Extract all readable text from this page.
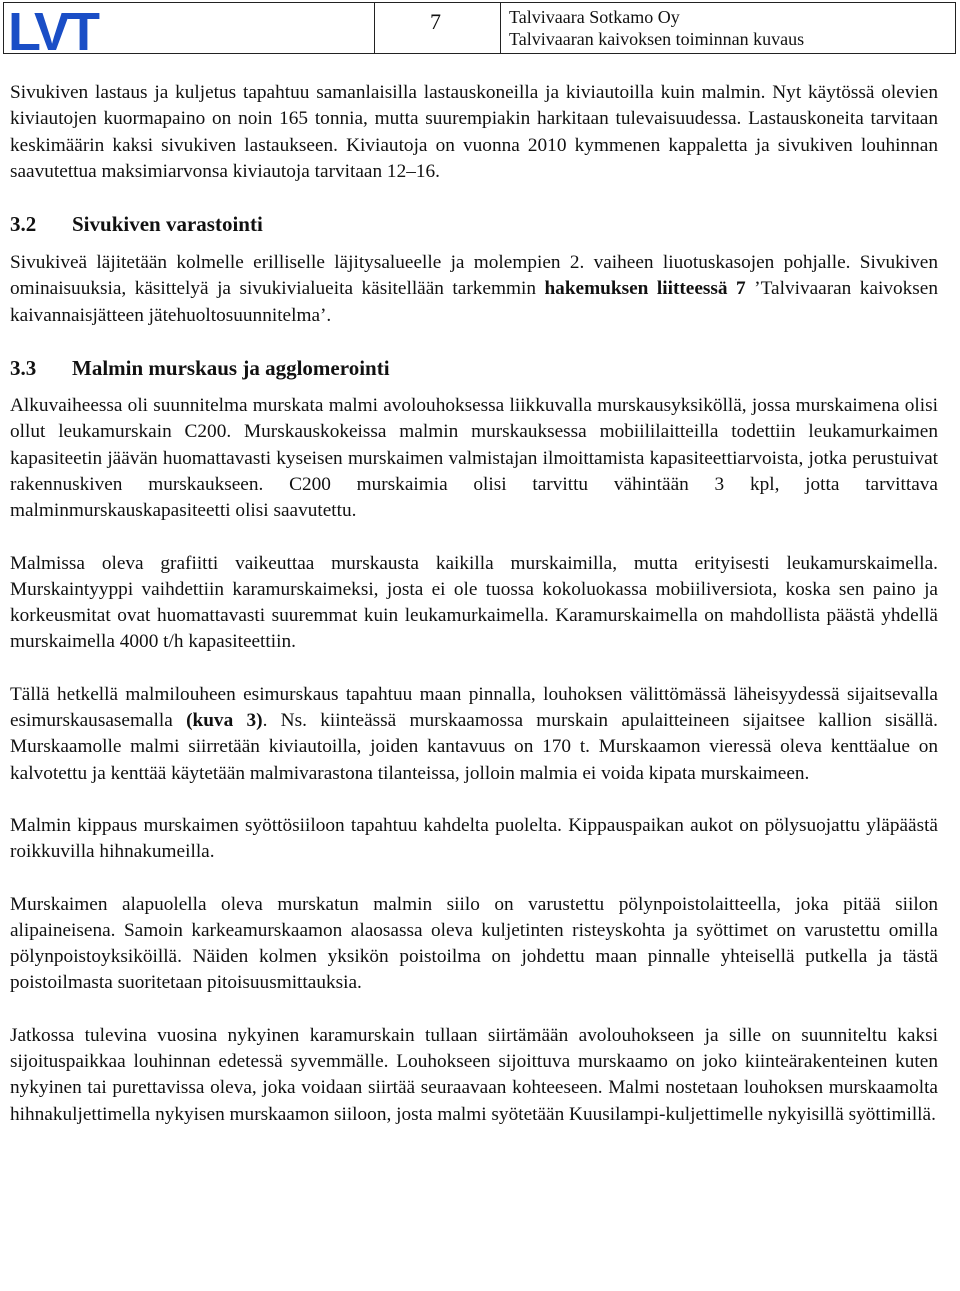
LVT	7	Talvivaara Sotkamo Oy
Talvivaaran kaivoksen toiminnan kuvaus

Sivukiven lastaus ja kuljetus tapahtuu samanlaisilla lastauskoneilla ja kiviautoilla kuin malmin. Nyt käytössä olevien kiviautojen kuormapaino on noin 165 tonnia, mutta suurempiakin harkitaan tulevaisuudessa. Lastauskoneita tarvitaan keskimäärin kaksi sivukiven lastaukseen. Kiviautoja on vuonna 2010 kymmenen kappaletta ja sivukiven louhinnan saavutettua maksimiarvonsa kiviautoja tarvitaan 12–16.

3.2 Sivukiven varastointi

Sivukiveä läjitetään kolmelle erilliselle läjitysalueelle ja molempien 2. vaiheen liuotuskasojen pohjalle. Sivukiven ominaisuuksia, käsittelyä ja sivukivialueita käsitellään tarkemmin hakemuksen liitteessä 7 ’Talvivaaran kaivoksen kaivannaisjätteen jätehuoltosuunnitelma’.

3.3 Malmin murskaus ja agglomerointi

Alkuvaiheessa oli suunnitelma murskata malmi avolouhoksessa liikkuvalla murskausyksiköllä, jossa murskaimena olisi ollut leukamurskain C200. Murskauskokeissa malmin murskauksessa mobiililaitteilla todettiin leukamurkaimen kapasiteetin jäävän huomattavasti kyseisen murskaimen valmistajan ilmoittamista kapasiteettiarvoista, jotka perustuivat rakennuskiven murskaukseen. C200 murskaimia olisi tarvittu vähintään 3 kpl, jotta tarvittava malminmurskauskapasiteetti olisi saavutettu.

Malmissa oleva grafiitti vaikeuttaa murskausta kaikilla murskaimilla, mutta erityisesti leukamurskaimella. Murskaintyyppi vaihdettiin karamurskaimeksi, josta ei ole tuossa kokoluokassa mobiiliversiota, koska sen paino ja korkeusmitat ovat huomattavasti suuremmat kuin leukamurkaimella. Karamurskaimella on mahdollista päästä yhdellä murskaimella 4000 t/h kapasiteettiin.

Tällä hetkellä malmilouheen esimurskaus tapahtuu maan pinnalla, louhoksen välittömässä läheisyydessä sijaitsevalla esimurskausasemalla (kuva 3). Ns. kiinteässä murskaamossa murskain apulaitteineen sijaitsee kallion sisällä. Murskaamolle malmi siirretään kiviautoilla, joiden kantavuus on 170 t. Murskaamon vieressä oleva kenttäalue on kalvotettu ja kenttää käytetään malmivarastona tilanteissa, jolloin malmia ei voida kipata murskaimeen.

Malmin kippaus murskaimen syöttösiiloon tapahtuu kahdelta puolelta. Kippauspaikan aukot on pölysuojattu yläpäästä roikkuvilla hihnakumeilla.

Murskaimen alapuolella oleva murskatun malmin siilo on varustettu pölynpoistolaitteella, joka pitää siilon alipaineisena. Samoin karkeamurskaamon alaosassa oleva kuljetinten risteyskohta ja syöttimet on varustettu omilla pölynpoistoyksiköillä. Näiden kolmen yksikön poistoilma on johdettu maan pinnalle yhteisellä putkella ja tästä poistoilmasta suoritetaan pitoisuusmittauksia.

Jatkossa tulevina vuosina nykyinen karamurskain tullaan siirtämään avolouhokseen ja sille on suunniteltu kaksi sijoituspaikkaa louhinnan edetessä syvemmälle. Louhokseen sijoittuva murskaamo on joko kiinteärakenteinen kuten nykyinen tai purettavissa oleva, joka voidaan siirtää seuraavaan kohteeseen. Malmi nostetaan louhoksen murskaamolta hihnakuljettimella nykyisen murskaamon siiloon, josta malmi syötetään Kuusilampi-kuljettimelle nykyisillä syöttimillä.
